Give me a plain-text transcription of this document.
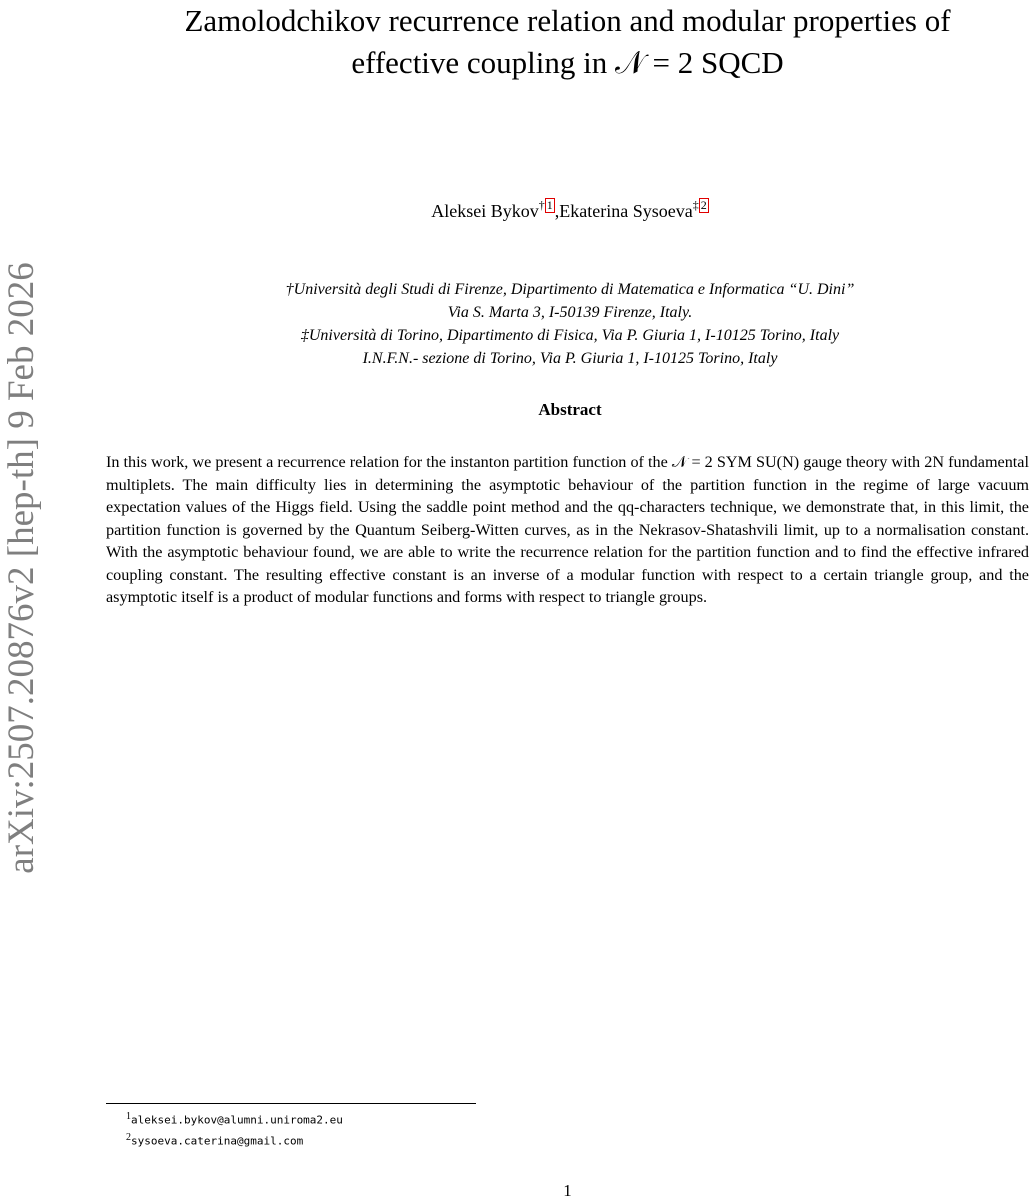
arXiv:2507.20876v2 [hep-th] 9 Feb 2026
Zamolodchikov recurrence relation and modular properties of
effective coupling in 𝒩 = 2 SQCD
Aleksei Bykov† 1 ,Ekaterina Sysoeva‡ 2
†Università degli Studi di Firenze, Dipartimento di Matematica e Informatica “U. Dini”
Via S. Marta 3, I-50139 Firenze, Italy.
‡Università di Torino, Dipartimento di Fisica, Via P. Giuria 1, I-10125 Torino, Italy
I.N.F.N.- sezione di Torino, Via P. Giuria 1, I-10125 Torino, Italy
Abstract

In this work, we present a recurrence relation for the instanton partition function of the 𝒩 = 2 SYM SU(N) gauge theory with 2N fundamental multiplets. The main difficulty lies in determining the asymptotic behaviour of the partition function in the regime of large vacuum expectation values of the Higgs field. Using the saddle point method and the qq-characters technique, we demonstrate that, in this limit, the partition function is governed by the Quantum Seiberg-Witten curves, as in the Nekrasov-Shatashvili limit, up to a normalisation constant. With the asymptotic behaviour found, we are able to write the recurrence relation for the partition function and to find the effective infrared coupling constant. The resulting effective constant is an inverse of a modular function with respect to a certain triangle group, and the asymptotic itself is a product of modular functions and forms with respect to triangle groups.

$^1$aleksei.bykov@alumni.uniroma2.eu
$^2$sysoeva.caterina@gmail.com
1
